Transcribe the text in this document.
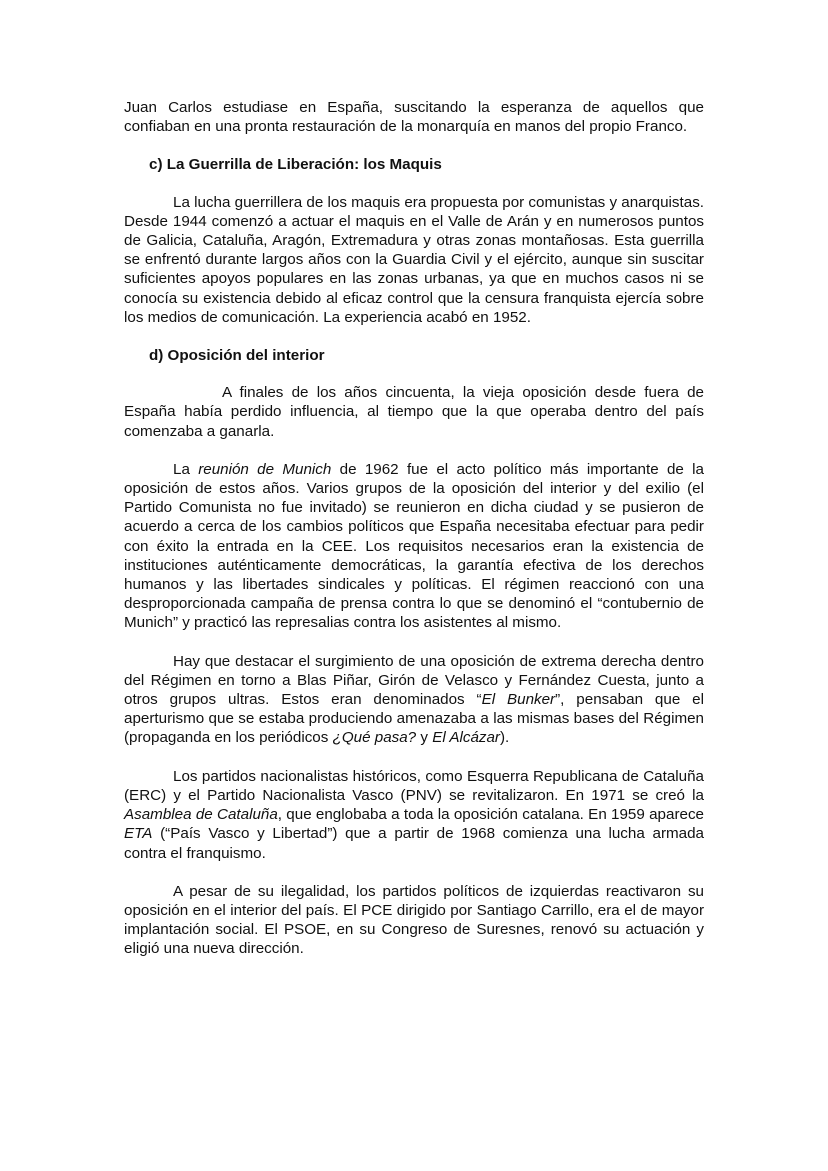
Juan Carlos estudiase en España, suscitando la esperanza de aquellos que confiaban en una pronta restauración de la monarquía en manos del propio Franco.

c) La Guerrilla de Liberación: los Maquis

La lucha guerrillera de los maquis era propuesta por comunistas y anarquistas. Desde 1944 comenzó a actuar el maquis en el Valle de Arán y en numerosos puntos de Galicia, Cataluña, Aragón, Extremadura y otras zonas montañosas. Esta guerrilla se enfrentó durante largos años con la Guardia Civil y el ejército, aunque sin suscitar suficientes apoyos populares en las zonas urbanas, ya que en muchos casos ni se conocía su existencia debido al eficaz control que la censura franquista ejercía sobre los medios de comunicación. La experiencia acabó en 1952.

d) Oposición del interior

A finales de los años cincuenta, la vieja oposición desde fuera de España había perdido influencia, al tiempo que la que operaba dentro del país comenzaba a ganarla.

La reunión de Munich de 1962 fue el acto político más importante de la oposición de estos años. Varios grupos de la oposición del interior y del exilio (el Partido Comunista no fue invitado) se reunieron en dicha ciudad y se pusieron de acuerdo a cerca de los cambios políticos que España necesitaba efectuar para pedir con éxito la entrada en la CEE. Los requisitos necesarios eran la existencia de instituciones auténticamente democráticas, la garantía efectiva de los derechos humanos y las libertades sindicales y políticas. El régimen reaccionó con una desproporcionada campaña de prensa contra lo que se denominó el “contubernio de Munich” y practicó las represalias contra los asistentes al mismo.

Hay que destacar el surgimiento de una oposición de extrema derecha dentro del Régimen en torno a Blas Piñar, Girón de Velasco y Fernández Cuesta, junto a otros grupos ultras. Estos eran denominados “El Bunker”, pensaban que el aperturismo que se estaba produciendo amenazaba a las mismas bases del Régimen (propaganda en los periódicos ¿Qué pasa? y El Alcázar).

Los partidos nacionalistas históricos, como Esquerra Republicana de Cataluña (ERC) y el Partido Nacionalista Vasco (PNV) se revitalizaron. En 1971 se creó la Asamblea de Cataluña, que englobaba a toda la oposición catalana. En 1959 aparece ETA (“País Vasco y Libertad”) que a partir de 1968 comienza una lucha armada contra el franquismo.

A pesar de su ilegalidad, los partidos políticos de izquierdas reactivaron su oposición en el interior del país. El PCE dirigido por Santiago Carrillo, era el de mayor implantación social. El PSOE, en su Congreso de Suresnes, renovó su actuación y eligió una nueva dirección.
